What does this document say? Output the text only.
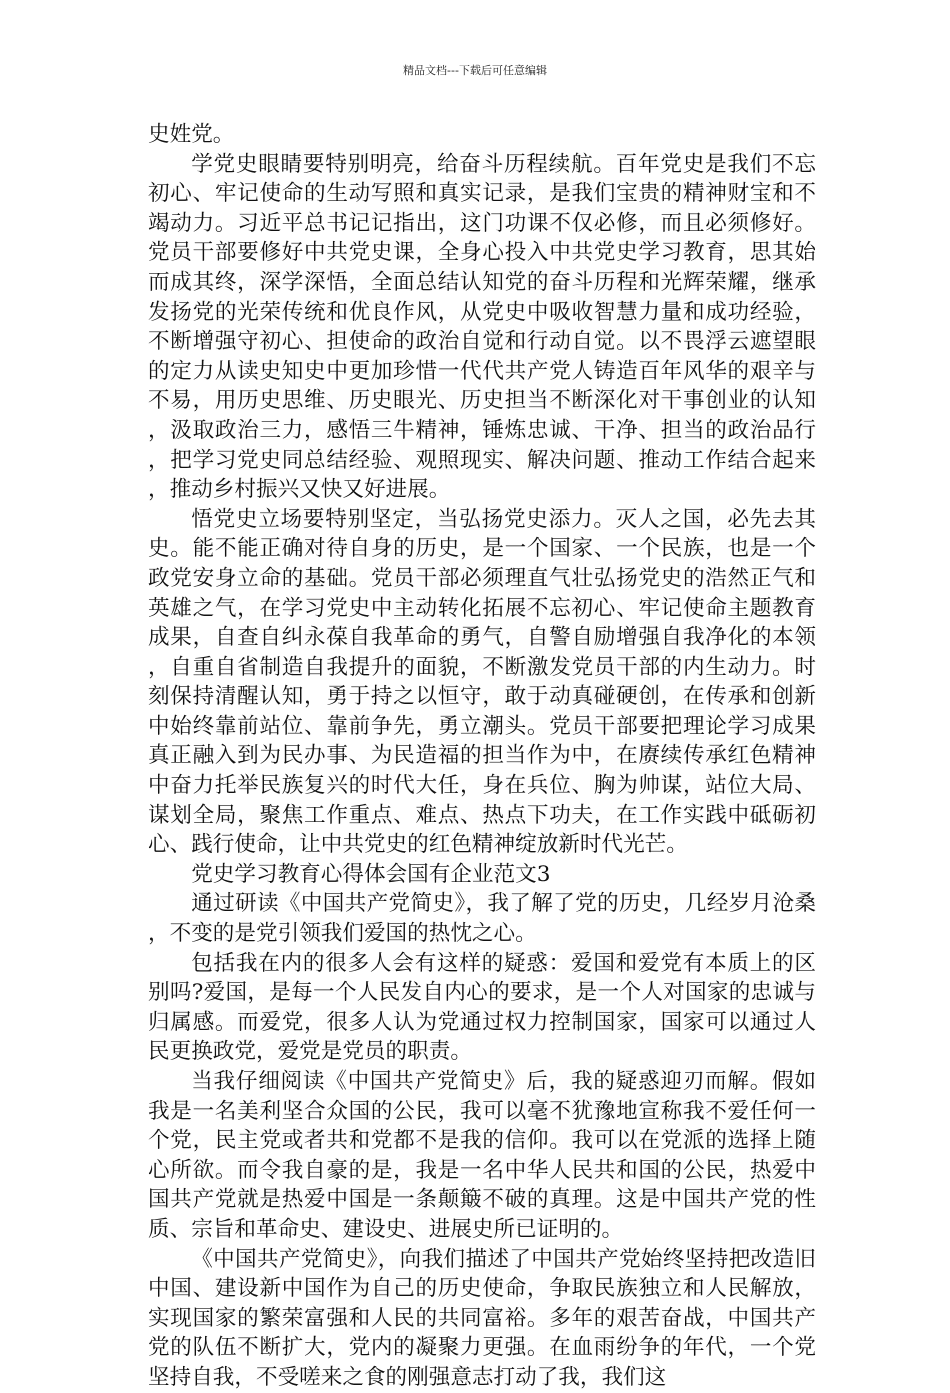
精品文档---下载后可任意编辑

史姓党。

学党史眼睛要特别明亮，给奋斗历程续航。百年党史是我们不忘初心、牢记使命的生动写照和真实记录，是我们宝贵的精神财宝和不竭动力。习近平总书记记指出，这门功课不仅必修，而且必须修好。党员干部要修好中共党史课，全身心投入中共党史学习教育，思其始而成其终，深学深悟，全面总结认知党的奋斗历程和光辉荣耀，继承发扬党的光荣传统和优良作风，从党史中吸收智慧力量和成功经验，不断增强守初心、担使命的政治自觉和行动自觉。以不畏浮云遮望眼的定力从读史知史中更加珍惜一代代共产党人铸造百年风华的艰辛与不易，用历史思维、历史眼光、历史担当不断深化对干事创业的认知，汲取政治三力，感悟三牛精神，锤炼忠诚、干净、担当的政治品行，把学习党史同总结经验、观照现实、解决问题、推动工作结合起来，推动乡村振兴又快又好进展。

悟党史立场要特别坚定，当弘扬党史添力。灭人之国，必先去其史。能不能正确对待自身的历史，是一个国家、一个民族，也是一个政党安身立命的基础。党员干部必须理直气壮弘扬党史的浩然正气和英雄之气，在学习党史中主动转化拓展不忘初心、牢记使命主题教育成果，自查自纠永葆自我革命的勇气，自警自励增强自我净化的本领，自重自省制造自我提升的面貌，不断激发党员干部的内生动力。时刻保持清醒认知，勇于持之以恒守，敢于动真碰硬创，在传承和创新中始终靠前站位、靠前争先，勇立潮头。党员干部要把理论学习成果真正融入到为民办事、为民造福的担当作为中，在赓续传承红色精神中奋力托举民族复兴的时代大任，身在兵位、胸为帅谋，站位大局、谋划全局，聚焦工作重点、难点、热点下功夫，在工作实践中砥砺初心、践行使命，让中共党史的红色精神绽放新时代光芒。

党史学习教育心得体会国有企业范文3

通过研读《中国共产党简史》，我了解了党的历史，几经岁月沧桑，不变的是党引领我们爱国的热忱之心。

包括我在内的很多人会有这样的疑惑：爱国和爱党有本质上的区别吗?爱国，是每一个人民发自内心的要求，是一个人对国家的忠诚与归属感。而爱党，很多人认为党通过权力控制国家，国家可以通过人民更换政党，爱党是党员的职责。

当我仔细阅读《中国共产党简史》后，我的疑惑迎刃而解。假如我是一名美利坚合众国的公民，我可以毫不犹豫地宣称我不爱任何一个党，民主党或者共和党都不是我的信仰。我可以在党派的选择上随心所欲。而令我自豪的是，我是一名中华人民共和国的公民，热爱中国共产党就是热爱中国是一条颠簸不破的真理。这是中国共产党的性质、宗旨和革命史、建设史、进展史所已证明的。

《中国共产党简史》，向我们描述了中国共产党始终坚持把改造旧中国、建设新中国作为自己的历史使命，争取民族独立和人民解放，实现国家的繁荣富强和人民的共同富裕。多年的艰苦奋战，中国共产党的队伍不断扩大，党内的凝聚力更强。在血雨纷争的年代，一个党坚持自我，不受嗟来之食的刚强意志打动了我，我们这
